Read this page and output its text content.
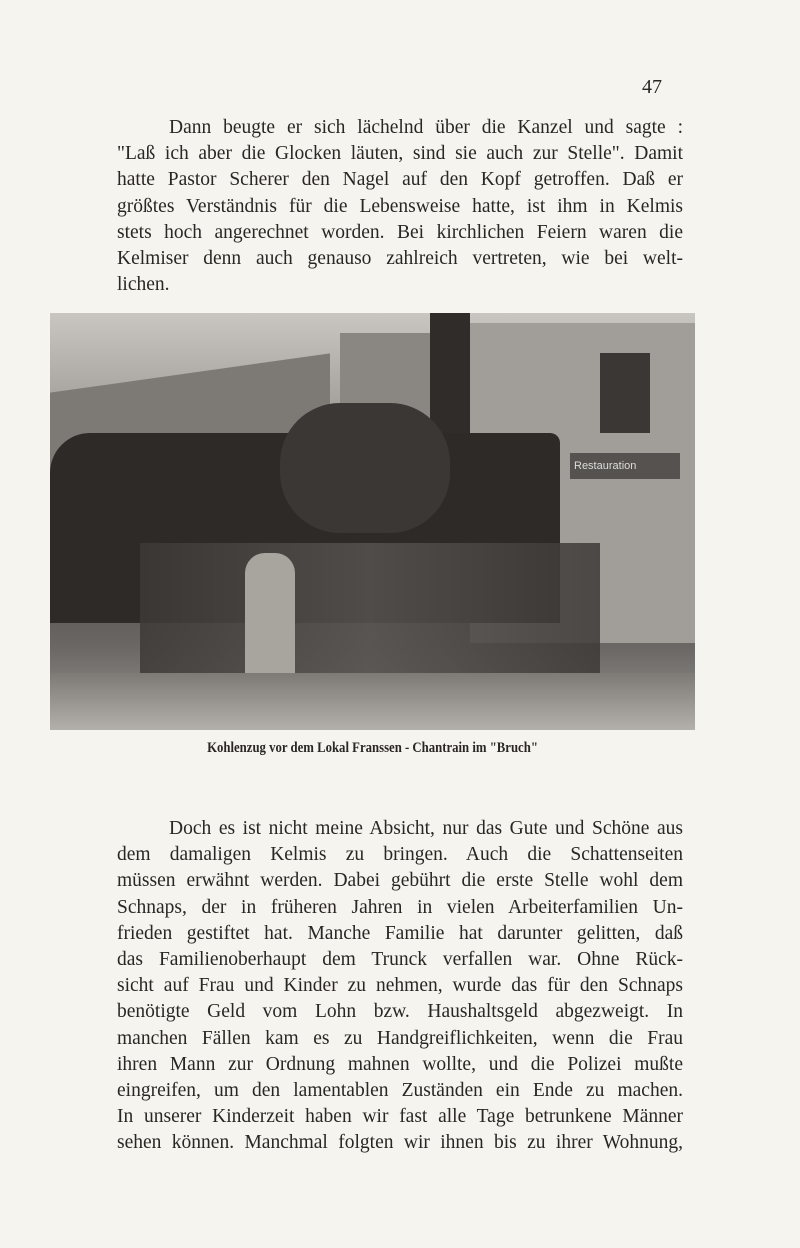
47
Dann beugte er sich lächelnd über die Kanzel und sagte :
"Laß ich aber die Glocken läuten, sind sie auch zur Stelle". Damit
hatte Pastor Scherer den Nagel auf den Kopf getroffen. Daß er
größtes Verständnis für die Lebensweise hatte, ist ihm in Kelmis
stets hoch angerechnet worden. Bei kirchlichen Feiern waren die
Kelmiser denn auch genauso zahlreich vertreten, wie bei welt-
lichen.
Restauration
Kohlenzug vor dem Lokal Franssen - Chantrain im "Bruch"
Doch es ist nicht meine Absicht, nur das Gute und Schöne aus
dem damaligen Kelmis zu bringen. Auch die Schattenseiten
müssen erwähnt werden. Dabei gebührt die erste Stelle wohl dem
Schnaps, der in früheren Jahren in vielen Arbeiterfamilien Un-
frieden gestiftet hat. Manche Familie hat darunter gelitten, daß
das Familienoberhaupt dem Trunck verfallen war. Ohne Rück-
sicht auf Frau und Kinder zu nehmen, wurde das für den Schnaps
benötigte Geld vom Lohn bzw. Haushaltsgeld abgezweigt. In
manchen Fällen kam es zu Handgreiflichkeiten, wenn die Frau
ihren Mann zur Ordnung mahnen wollte, und die Polizei mußte
eingreifen, um den lamentablen Zuständen ein Ende zu machen.
In unserer Kinderzeit haben wir fast alle Tage betrunkene Männer
sehen können. Manchmal folgten wir ihnen bis zu ihrer Wohnung,
